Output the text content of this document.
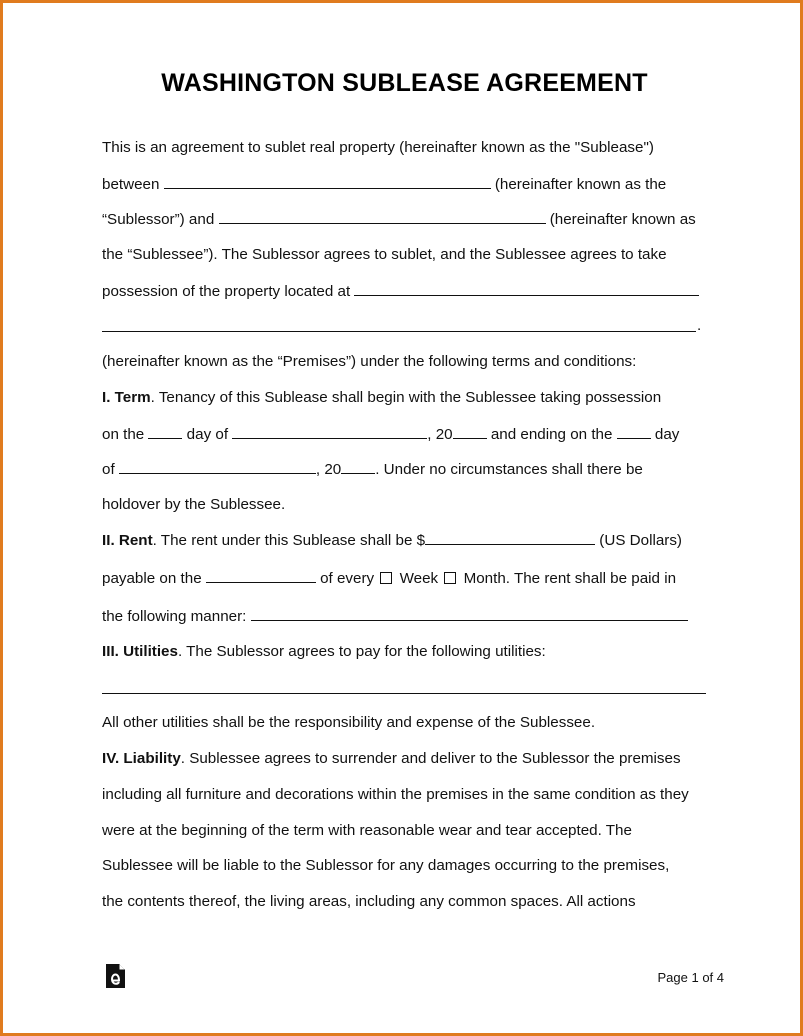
WASHINGTON SUBLEASE AGREEMENT
This is an agreement to sublet real property (hereinafter known as the "Sublease")
between	(hereinafter known as the
“Sublessor”) and	(hereinafter known as
the “Sublessee”). The Sublessor agrees to sublet, and the Sublessee agrees to take
possession of the property located at
.
(hereinafter known as the “Premises”) under the following terms and conditions:
I. Term. Tenancy of this Sublease shall begin with the Sublessee taking possession
on the  day of	, 20 and ending on the  day
of	, 20 . Under no circumstances shall there be
holdover by the Sublessee.
II. Rent. The rent under this Sublease shall be $	(US Dollars)
payable on the	of every  Week  Month. The rent shall be paid in
the following manner:
III. Utilities. The Sublessor agrees to pay for the following utilities:
All other utilities shall be the responsibility and expense of the Sublessee.
IV. Liability. Sublessee agrees to surrender and deliver to the Sublessor the premises
including all furniture and decorations within the premises in the same condition as they
were at the beginning of the term with reasonable wear and tear accepted. The
Sublessee will be liable to the Sublessor for any damages occurring to the premises,
the contents thereof, the living areas, including any common spaces. All actions
Page 1 of 4
